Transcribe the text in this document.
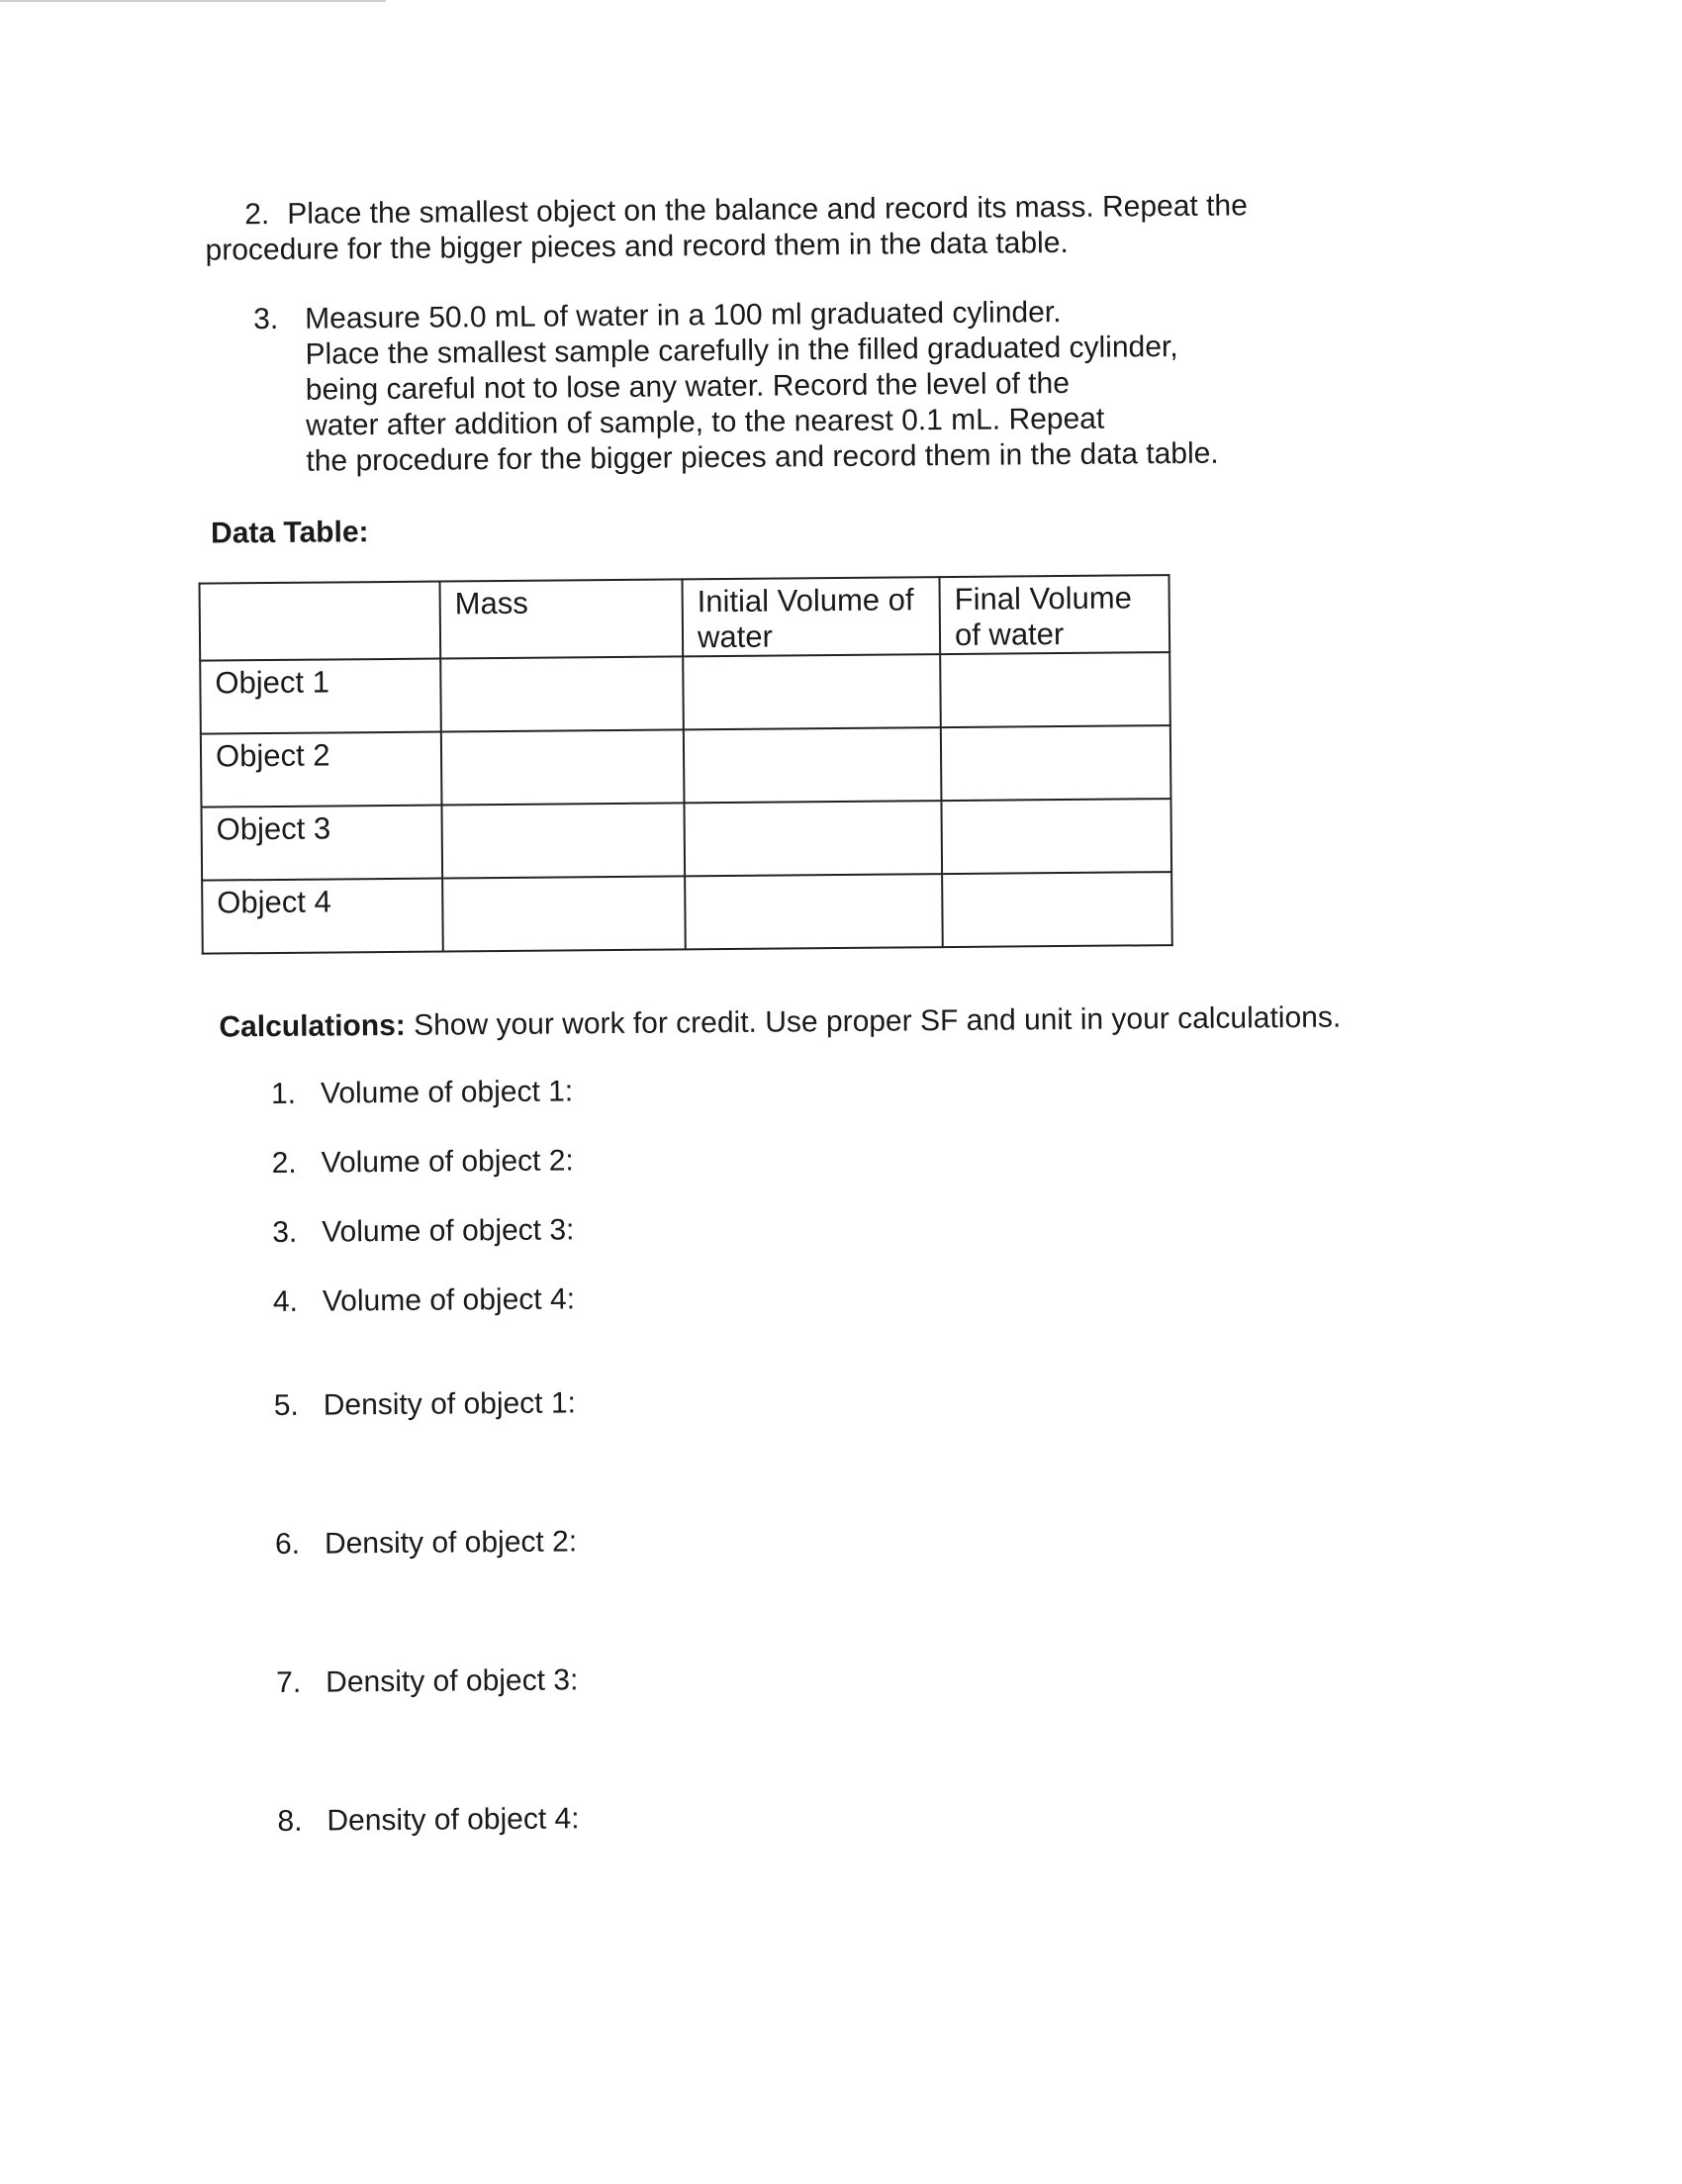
2. Place the smallest object on the balance and record its mass. Repeat the procedure for the bigger pieces and record them in the data table.
3. Measure 50.0 mL of water in a 100 ml graduated cylinder.
Place the smallest sample carefully in the filled graduated cylinder,
being careful not to lose any water. Record the level of the
water after addition of sample, to the nearest 0.1 mL. Repeat
the procedure for the bigger pieces and record them in the data table.
Data Table:
	Mass	Initial Volume of water	Final Volume of water
Object 1			
Object 2			
Object 3			
Object 4			
Calculations: Show your work for credit. Use proper SF and unit in your calculations.
1. Volume of object 1:
2. Volume of object 2:
3. Volume of object 3:
4. Volume of object 4:
5. Density of object 1:
6. Density of object 2:
7. Density of object 3:
8. Density of object 4:
